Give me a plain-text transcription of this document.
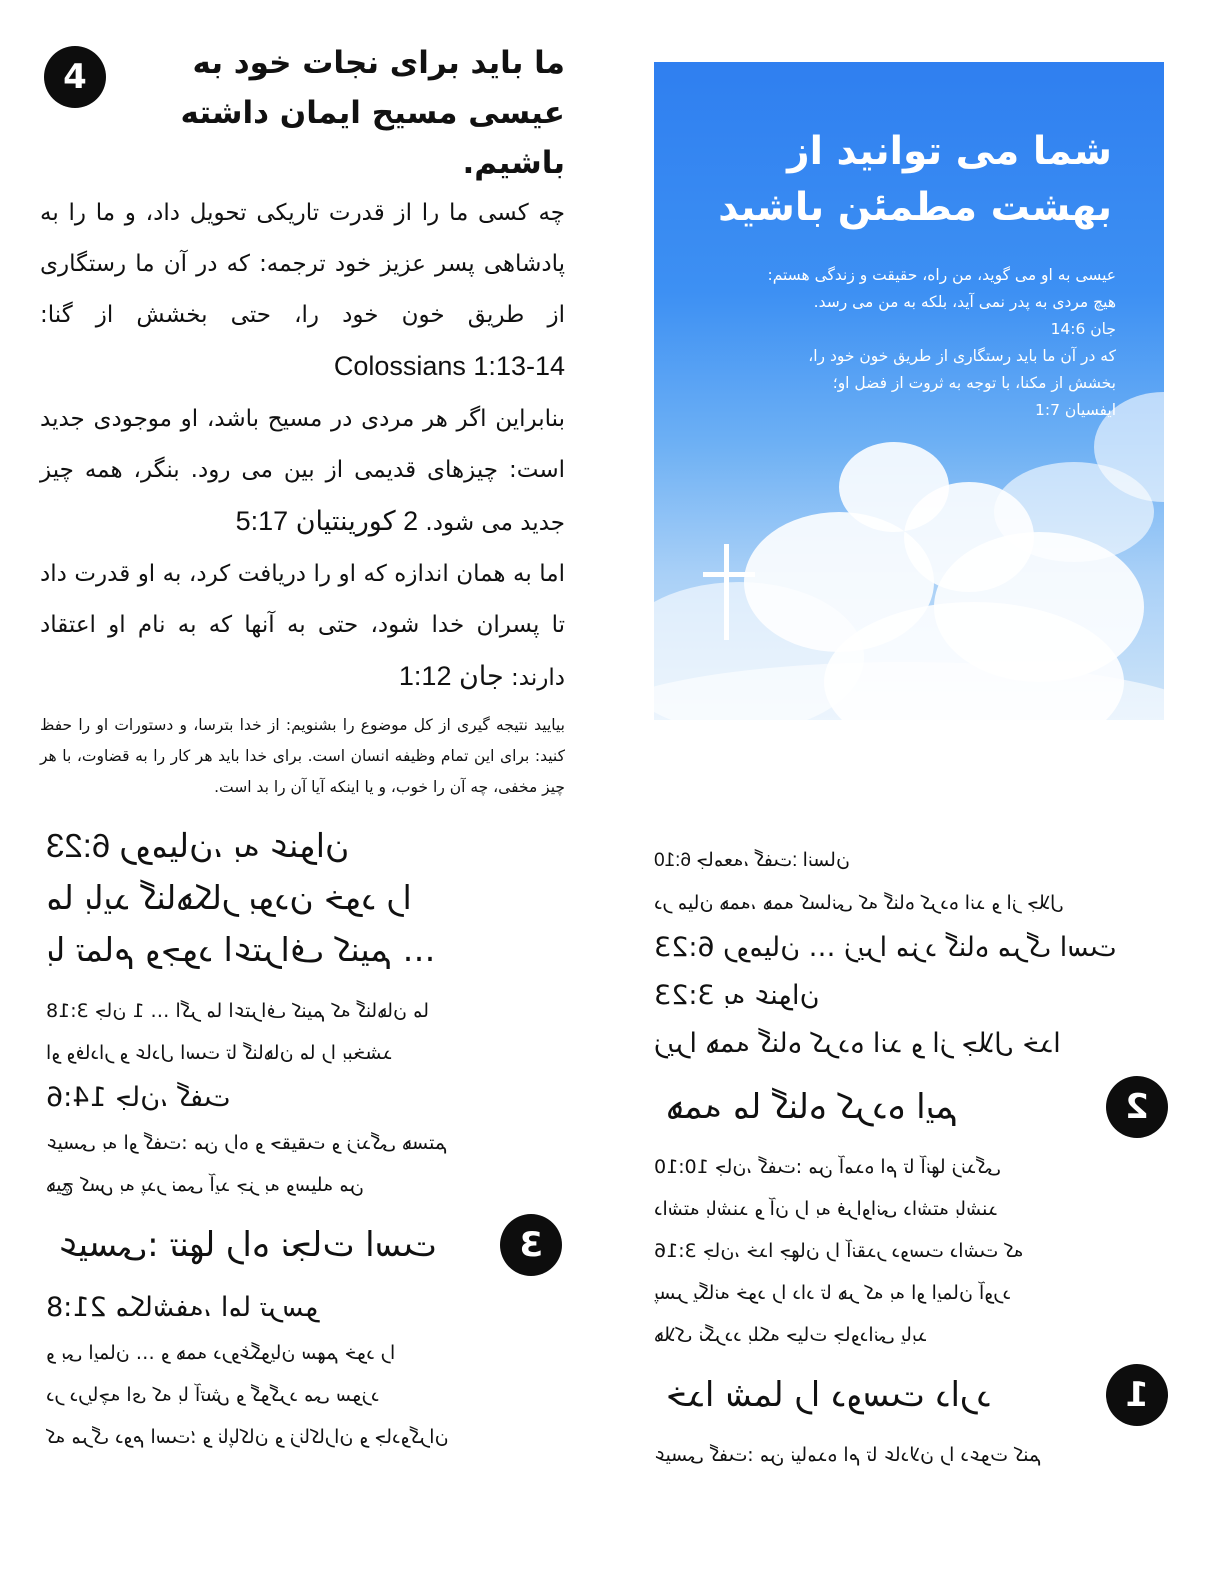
4	ما باید برای نجات خود به عیسی مسیح ایمان داشته باشیم.

چه کسی ما را از قدرت تاریکی تحویل داد، و ما را به پادشاهی پسر عزیز خود ترجمه: که در آن ما رستگاری از طریق خون خود را، حتی بخشش از گنا: Colossians 1:13-14

بنابراین اگر هر مردی در مسیح باشد، او موجودی جدید است: چیزهای قدیمی از بین می رود. بنگر، همه چیز جدید می شود. 2 کورینتیان 5:17

اما به همان اندازه که او را دریافت کرد، به او قدرت داد تا پسران خدا شود، حتی به آنها که به نام او اعتقاد دارند: جان 1:12

بیایید نتیجه گیری از کل موضوع را بشنویم: از خدا بترسا، و دستورات او را حفظ کنید: برای این تمام وظیفه انسان است. برای خدا باید هر کار را به قضاوت، با هر چیز مخفی، چه آن را خوب، و یا اینکه آیا آن را بد است.

شما می توانید از بهشت مطمئن باشید

عیسی به او می گوید، من راه، حقیقت و زندگی هستم:
هیچ مردی به پدر نمی آید، بلکه به من می رسد.
جان 14:6
که در آن ما باید رستگاری از طریق خون خود را،
بخشش از مکنا، با توجه به ثروت از فضل او؛
ایفسیان 1:7

6:23 رومیان، به عنوان
ما باید گناهکار بودن خود را
با تمام وجود اعتراف کنیم …
3:18 جان 1 … اگر ما اعتراف کنیم که گناهان ما
او وفادار و عادل است تا گناهان ما را ببخشد
14:6 جان، گفت
عیسی به او گفت: من راه و حقیقت و زندگی هستم
هیچ کس به پدر نمی آید جز به وسیله من
3
عیسی: تنها راه نجات است
21:8 مکاشفه، اما ترسو
و بی ایمان … و همه دروغگویان سهم خود را
در دریاچه ای که با آتش و گوگرد می سوزد
که مرگ دوم است؛ و ناپاکان و زناکاران و جادوگران
6:10 جامعه، گفت: انسان
در میان همه، همه کسانی که گناه کرده اند و از جلال
6:23 رومیان … زیرا مزد گناه مرگ است
3:23 به عنوان
زیرا همه گناه کرده اند و از جلال خدا
2
همه ما گناه کرده ایم
10:10 جان، گفت: من آمده ام تا آنها زندگی
داشته باشند و آن را به فراوانی داشته باشند
3:16 جان، خدا جهان را آنقدر دوست داشت که
پسر یگانه خود را داد تا هر که به او ایمان آورد
هلاک نگردد بلکه حیات جاودانی یابد
1
خدا شما را دوست دارد
عیسی گفت: من نیامده ام تا عادلان را دعوت کنم
